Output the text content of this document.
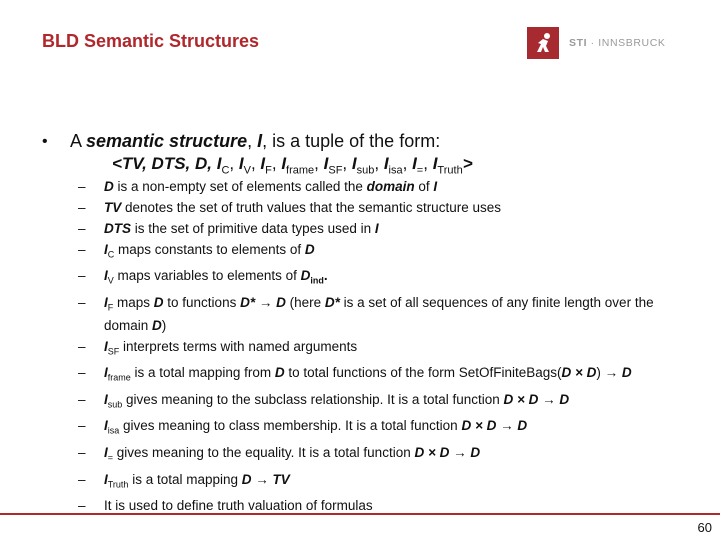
BLD Semantic Structures	STI · INNSBRUCK
• A semantic structure, I, is a tuple of the form:
<TV, DTS, D, $I_C$, $I_V$, $I_F$, $I_{frame}$, $I_{SF}$, $I_{sub}$, $I_{isa}$, $I_=$, $I_{Truth}>$
– D is a non-empty set of elements called the domain of I
– TV denotes the set of truth values that the semantic structure uses
– DTS is the set of primitive data types used in I
– $I_C$ maps constants to elements of D
– $I_V$ maps variables to elements of $D_{ind}$.
– $I_F$ maps D to functions D* → D (here D* is a set of all sequences of any finite length over the domain D)
– $I_{SF}$ interprets terms with named arguments
– $I_{frame}$ is a total mapping from D to total functions of the form SetOfFiniteBags(D × D) → D
– $I_{sub}$ gives meaning to the subclass relationship. It is a total function D × D → D
– $I_{isa}$ gives meaning to class membership. It is a total function D × D → D
– $I_=$ gives meaning to the equality. It is a total function D × D → D
– $I_{Truth}$ is a total mapping D → TV
– It is used to define truth valuation of formulas
60
